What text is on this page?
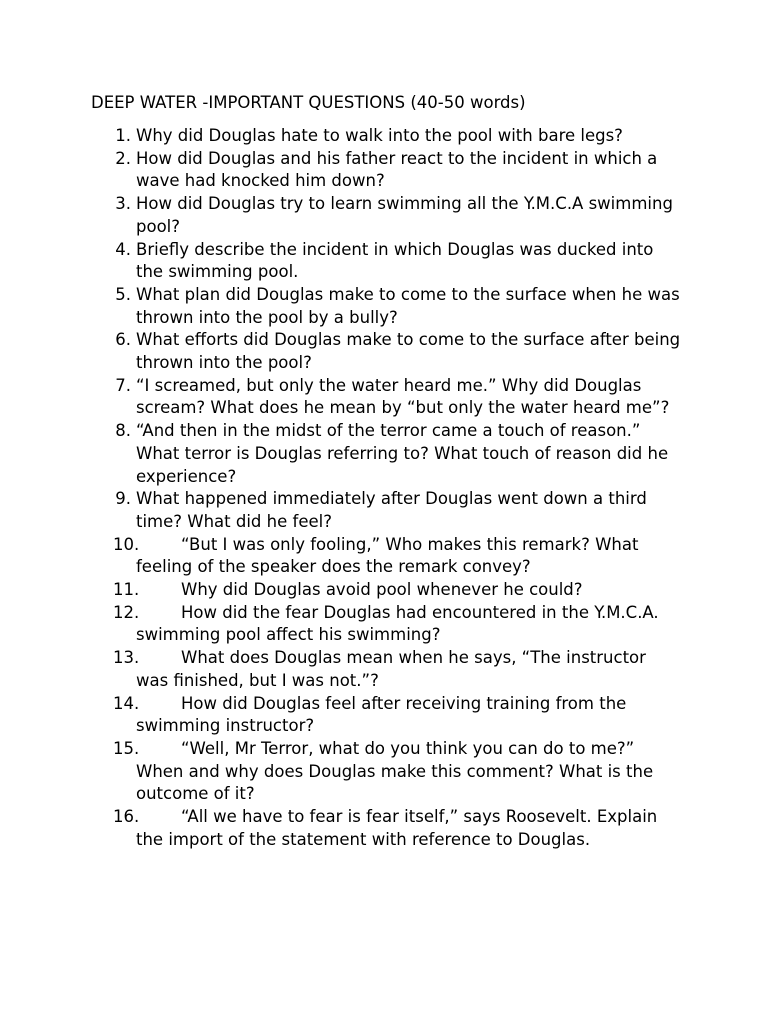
DEEP WATER -IMPORTANT QUESTIONS (40-50 words)
1. Why did Douglas hate to walk into the pool with bare legs?
2. How did Douglas and his father react to the incident in which a wave had knocked him down?
3. How did Douglas try to learn swimming all the Y.M.C.A swimming pool?
4. Briefly describe the incident in which Douglas was ducked into the swimming pool.
5. What plan did Douglas make to come to the surface when he was thrown into the pool by a bully?
6. What efforts did Douglas make to come to the surface after being thrown into the pool?
7. “I screamed, but only the water heard me.” Why did Douglas scream? What does he mean by “but only the water heard me”?
8. “And then in the midst of the terror came a touch of reason.” What terror is Douglas referring to? What touch of reason did he experience?
9. What happened immediately after Douglas went down a third time? What did he feel?
10.	“But I was only fooling,” Who makes this remark? What feeling of the speaker does the remark convey?
11.	Why did Douglas avoid pool whenever he could?
12.	How did the fear Douglas had encountered in the Y.M.C.A. swimming pool affect his swimming?
13.	What does Douglas mean when he says, “The instructor was finished, but I was not.”?
14.	How did Douglas feel after receiving training from the swimming instructor?
15.	“Well, Mr Terror, what do you think you can do to me?” When and why does Douglas make this comment? What is the outcome of it?
16.	“All we have to fear is fear itself,” says Roosevelt. Explain the import of the statement with reference to Douglas.
